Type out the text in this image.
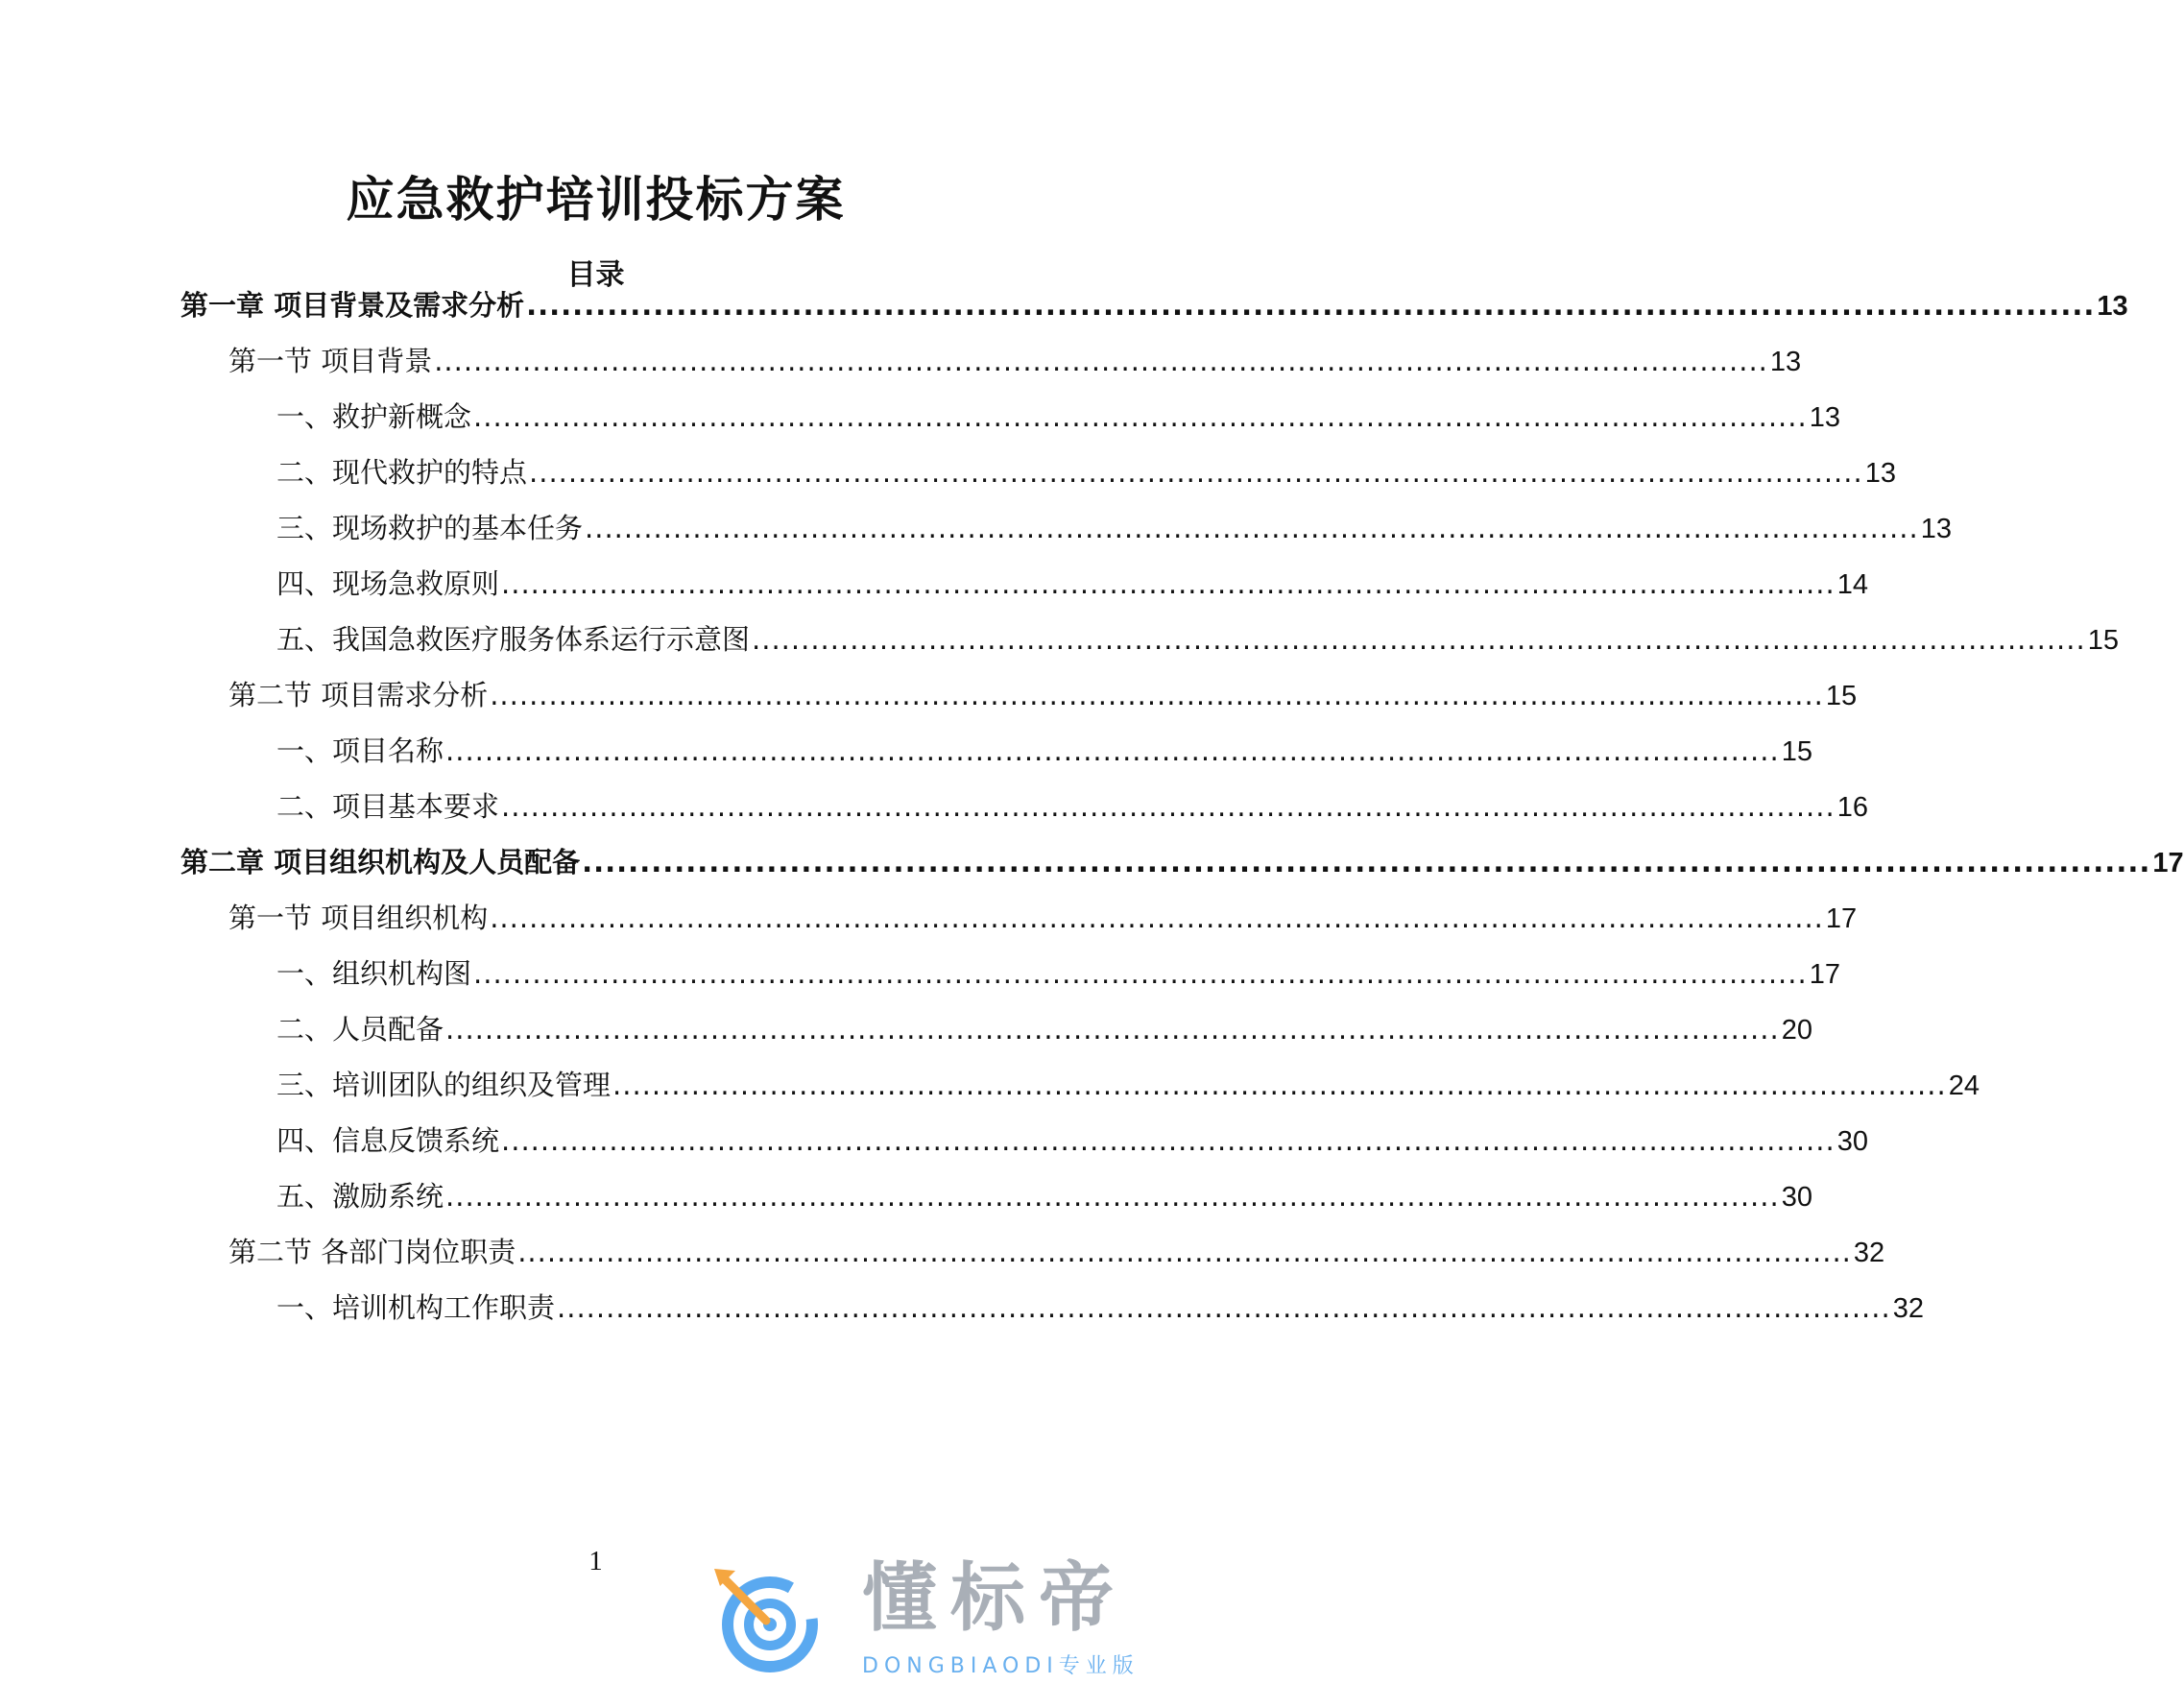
应急救护培训投标方案
目录
第一章 项目背景及需求分析 ........................................................................................................................................ 13
第一节 项目背景 ........................................................................................................................................ 13
一、救护新概念 ........................................................................................................................................ 13
二、现代救护的特点 ........................................................................................................................................ 13
三、现场救护的基本任务 ........................................................................................................................................ 13
四、现场急救原则 ........................................................................................................................................ 14
五、我国急救医疗服务体系运行示意图 ........................................................................................................................................ 15
第二节 项目需求分析 ........................................................................................................................................ 15
一、项目名称 ........................................................................................................................................ 15
二、项目基本要求 ........................................................................................................................................ 16
第二章 项目组织机构及人员配备 ........................................................................................................................................ 17
第一节 项目组织机构 ........................................................................................................................................ 17
一、组织机构图 ........................................................................................................................................ 17
二、人员配备 ........................................................................................................................................ 20
三、培训团队的组织及管理 ........................................................................................................................................ 24
四、信息反馈系统 ........................................................................................................................................ 30
五、激励系统 ........................................................................................................................................ 30
第二节 各部门岗位职责 ........................................................................................................................................ 32
一、培训机构工作职责 ........................................................................................................................................ 32
1	懂标帝
DONGBIAODI专业版
